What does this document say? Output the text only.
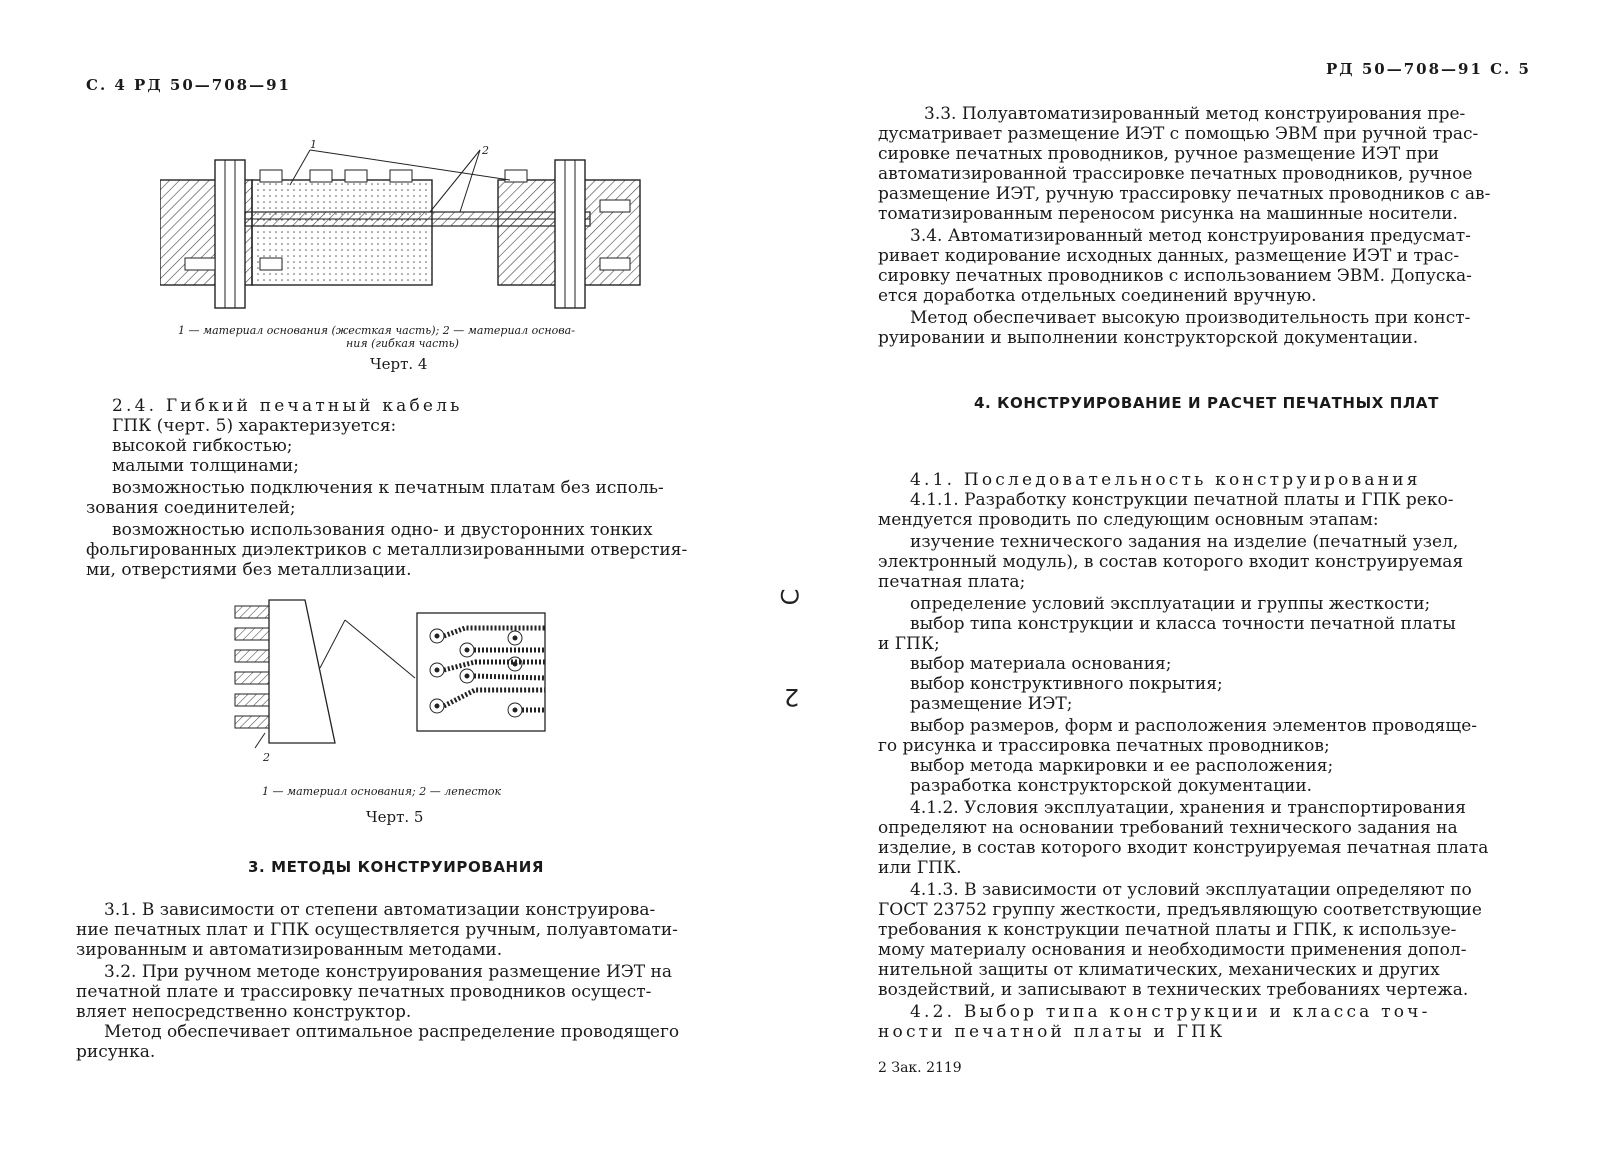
С. 4 РД 50—708—91
1	2
1 — материал основания (жесткая часть); 2 — материал основа-
ния (гибкая часть)
Черт. 4
2.4. Гибкий печатный кабель
ГПК (черт. 5) характеризуется:
высокой гибкостью;
малыми толщинами;
возможностью подключения к печатным платам без исполь-
зования соединителей;
возможностью использования одно- и двусторонних тонких
фольгированных диэлектриков с металлизированными отверстия-
ми, отверстиями без металлизации.
2
1 — материал основания; 2 — лепесток
Черт. 5
3. МЕТОДЫ КОНСТРУИРОВАНИЯ
3.1. В зависимости от степени автоматизации конструирова-
ние печатных плат и ГПК осуществляется ручным, полуавтомати-
зированным и автоматизированным методами.
3.2. При ручном методе конструирования размещение ИЭТ на
печатной плате и трассировку печатных проводников осущест-
вляет непосредственно конструктор.
Метод обеспечивает оптимальное распределение проводящего
рисунка.
С
2
РД 50—708—91 С. 5
3.3. Полуавтоматизированный метод конструирования пре-
дусматривает размещение ИЭТ с помощью ЭВМ при ручной трас-
сировке печатных проводников, ручное размещение ИЭТ при
автоматизированной трассировке печатных проводников, ручное
размещение ИЭТ, ручную трассировку печатных проводников с ав-
томатизированным переносом рисунка на машинные носители.
3.4. Автоматизированный метод конструирования предусмат-
ривает кодирование исходных данных, размещение ИЭТ и трас-
сировку печатных проводников с использованием ЭВМ. Допуска-
ется доработка отдельных соединений вручную.
Метод обеспечивает высокую производительность при конст-
руировании и выполнении конструкторской документации.
4. КОНСТРУИРОВАНИЕ И РАСЧЕТ ПЕЧАТНЫХ ПЛАТ
4.1. Последовательность конструирования
4.1.1. Разработку конструкции печатной платы и ГПК реко-
мендуется проводить по следующим основным этапам:
изучение технического задания на изделие (печатный узел,
электронный модуль), в состав которого входит конструируемая
печатная плата;
определение условий эксплуатации и группы жесткости;
выбор типа конструкции и класса точности печатной платы
и ГПК;
выбор материала основания;
выбор конструктивного покрытия;
размещение ИЭТ;
выбор размеров, форм и расположения элементов проводяще-
го рисунка и трассировка печатных проводников;
выбор метода маркировки и ее расположения;
разработка конструкторской документации.
4.1.2. Условия эксплуатации, хранения и транспортирования
определяют на основании требований технического задания на
изделие, в состав которого входит конструируемая печатная плата
или ГПК.
4.1.3. В зависимости от условий эксплуатации определяют по
ГОСТ 23752 группу жесткости, предъявляющую соответствующие
требования к конструкции печатной платы и ГПК, к используе-
мому материалу основания и необходимости применения допол-
нительной защиты от климатических, механических и других
воздействий, и записывают в технических требованиях чертежа.
4.2. Выбор типа конструкции и класса точ-
ности печатной платы и ГПК
2 Зак. 2119
